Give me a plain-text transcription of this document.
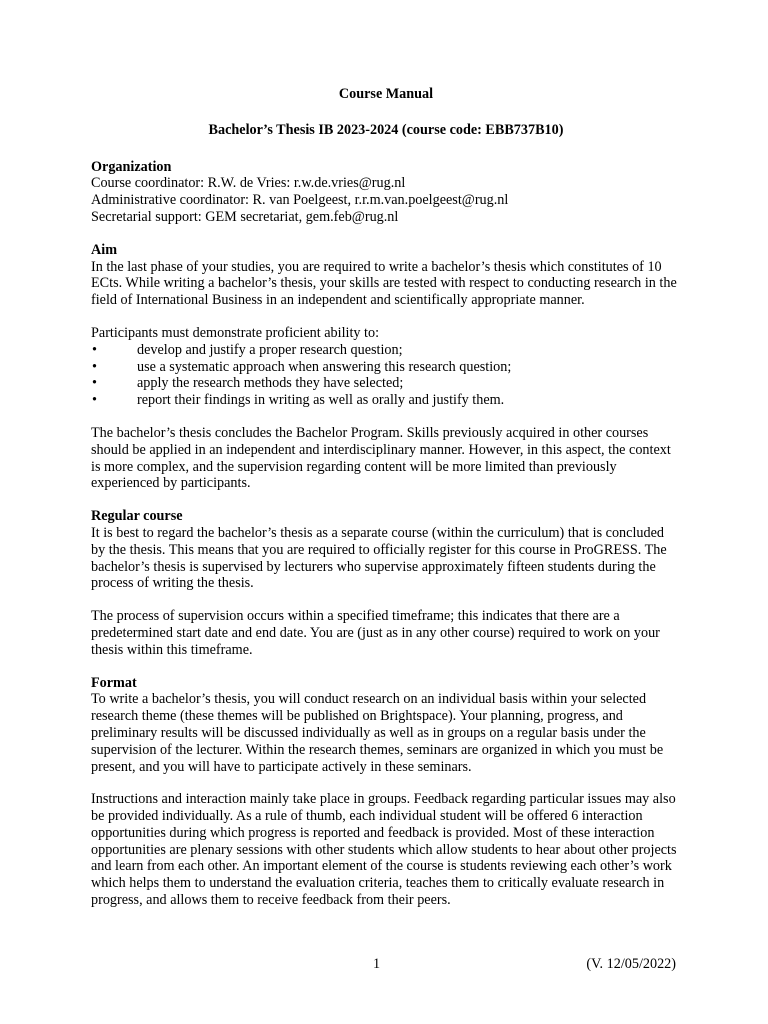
Course Manual

Bachelor’s Thesis IB 2023-2024 (course code: EBB737B10)

Organization

Course coordinator: R.W. de Vries: r.w.de.vries@rug.nl

Administrative coordinator: R. van Poelgeest, r.r.m.van.poelgeest@rug.nl

Secretarial support: GEM secretariat, gem.feb@rug.nl

Aim

In the last phase of your studies, you are required to write a bachelor’s thesis which constitutes of 10 ECts. While writing a bachelor’s thesis, your skills are tested with respect to conducting research in the field of International Business in an independent and scientifically appropriate manner.

Participants must demonstrate proficient ability to:

•	develop and justify a proper research question;
•	use a systematic approach when answering this research question;
•	apply the research methods they have selected;
•	report their findings in writing as well as orally and justify them.

The bachelor’s thesis concludes the Bachelor Program. Skills previously acquired in other courses should be applied in an independent and interdisciplinary manner. However, in this aspect, the context is more complex, and the supervision regarding content will be more limited than previously experienced by participants.

Regular course

It is best to regard the bachelor’s thesis as a separate course (within the curriculum) that is concluded by the thesis. This means that you are required to officially register for this course in ProGRESS. The bachelor’s thesis is supervised by lecturers who supervise approximately fifteen students during the process of writing the thesis.

The process of supervision occurs within a specified timeframe; this indicates that there are a predetermined start date and end date. You are (just as in any other course) required to work on your thesis within this timeframe.

Format

To write a bachelor’s thesis, you will conduct research on an individual basis within your selected research theme (these themes will be published on Brightspace). Your planning, progress, and preliminary results will be discussed individually as well as in groups on a regular basis under the supervision of the lecturer. Within the research themes, seminars are organized in which you must be present, and you will have to participate actively in these seminars.

Instructions and interaction mainly take place in groups. Feedback regarding particular issues may also be provided individually. As a rule of thumb, each individual student will be offered 6 interaction opportunities during which progress is reported and feedback is provided. Most of these interaction opportunities are plenary sessions with other students which allow students to hear about other projects and learn from each other. An important element of the course is students reviewing each other’s work which helps them to understand the evaluation criteria, teaches them to critically evaluate research in progress, and allows them to receive feedback from their peers.

1	(V. 12/05/2022)
